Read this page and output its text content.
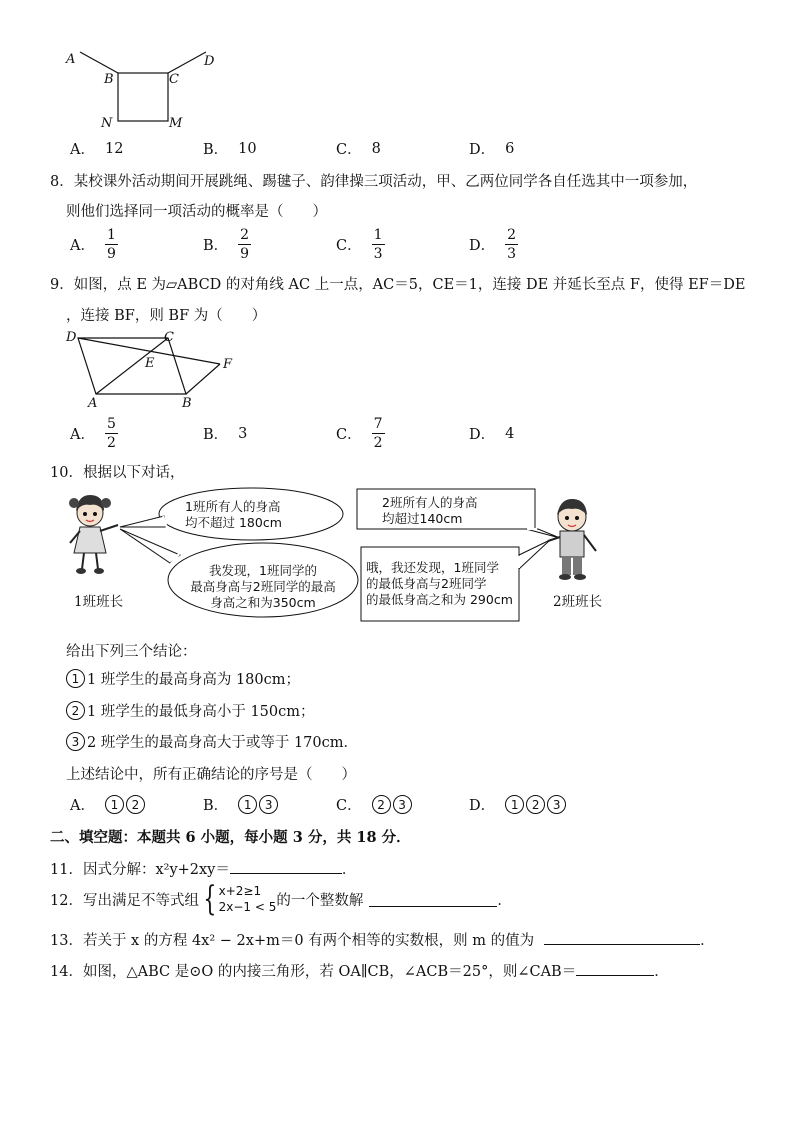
A
B	C
D
N	M
A． 12	B． 10	C． 8	D． 6
8．某校课外活动期间开展跳绳、踢毽子、韵律操三项活动，甲、乙两位同学各自任选其中一项参加，
则他们选择同一项活动的概率是（　　）
A． $\frac{1}{9}$	B． $\frac{2}{9}$	C． $\frac{1}{3}$	D． $\frac{2}{3}$
9．如图，点 E 为▱ABCD 的对角线 AC 上一点，AC＝5，CE＝1，连接 DE 并延长至点 F，使得 EF＝DE
，连接 BF，则 BF 为（　　）
D	C
E	F
A	B
A． $\frac{5}{2}$	B． 3	C． $\frac{7}{2}$	D． 4
10．根据以下对话，
1班所有人的身高
均不超过 180cm
我发现，1班同学的
最高身高与2班同学的最高
身高之和为350cm
2班所有人的身高
均超过140cm
哦，我还发现，1班同学
的最低身高与2班同学
的最低身高之和为 290cm
1班班长	2班班长
给出下列三个结论：
1 1 班学生的最高身高为 180cm；
2 1 班学生的最低身高小于 150cm；
3 2 班学生的最高身高大于或等于 170cm．
上述结论中，所有正确结论的序号是（　　）
A．	1	2	B．	1	3	C．	2	3	D．	1	2	3
二、填空题：本题共 6 小题，每小题 3 分，共 18 分．
11．因式分解：x²y+2xy＝	．
12．写出满足不等式组 { x+2≥1
2x−1 < 5 的一个整数解	．
13．若关于 x 的方程 4x² − 2x+m＝0 有两个相等的实数根，则 m 的值为	．
14．如图，△ABC 是⊙O 的内接三角形，若 OA∥CB，∠ACB＝25°，则∠CAB＝	．
